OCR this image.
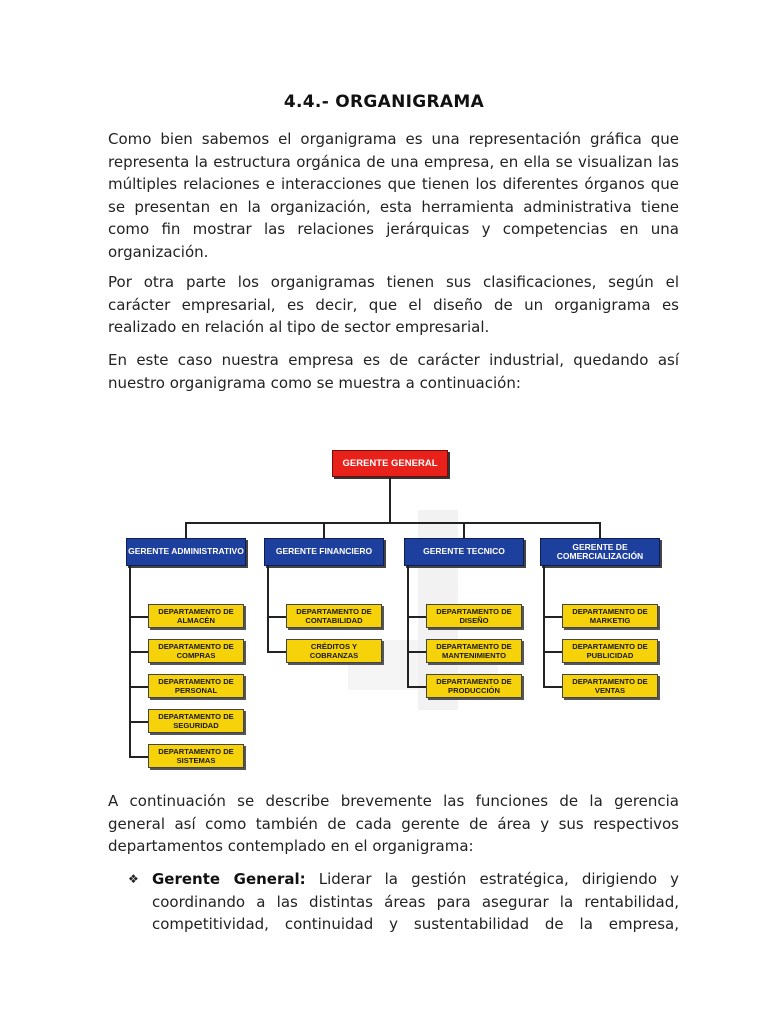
4.4.- ORGANIGRAMA

Como bien sabemos el organigrama es una representación gráfica que representa la estructura orgánica de una empresa, en ella se visualizan las múltiples relaciones e interacciones que tienen los diferentes órganos que se presentan en la organización, esta herramienta administrativa tiene como fin mostrar las relaciones jerárquicas y competencias en una organización.

Por otra parte los organigramas tienen sus clasificaciones, según el carácter empresarial, es decir, que el diseño de un organigrama es realizado en relación al tipo de sector empresarial.

En este caso nuestra empresa es de carácter industrial, quedando así nuestro organigrama como se muestra a continuación:

GERENTE GENERAL
GERENTE ADMINISTRATIVO
DEPARTAMENTO DE ALMACÉN
DEPARTAMENTO DE COMPRAS
DEPARTAMENTO DE PERSONAL
DEPARTAMENTO DE SEGURIDAD
DEPARTAMENTO DE SISTEMAS
GERENTE FINANCIERO
DEPARTAMENTO DE CONTABILIDAD
CRÉDITOS Y COBRANZAS
GERENTE TECNICO
DEPARTAMENTO DE DISEÑO
DEPARTAMENTO DE MANTENIMIENTO
DEPARTAMENTO DE PRODUCCIÓN
GERENTE DE COMERCIALIZACIÓN
DEPARTAMENTO DE MARKETIG
DEPARTAMENTO DE PUBLICIDAD
DEPARTAMENTO DE VENTAS

A continuación se describe brevemente las funciones de la gerencia general así como también de cada gerente de área y sus respectivos departamentos contemplado en el organigrama:

❖ Gerente General: Liderar la gestión estratégica, dirigiendo y coordinando a las distintas áreas para asegurar la rentabilidad, competitividad, continuidad y sustentabilidad de la empresa,
